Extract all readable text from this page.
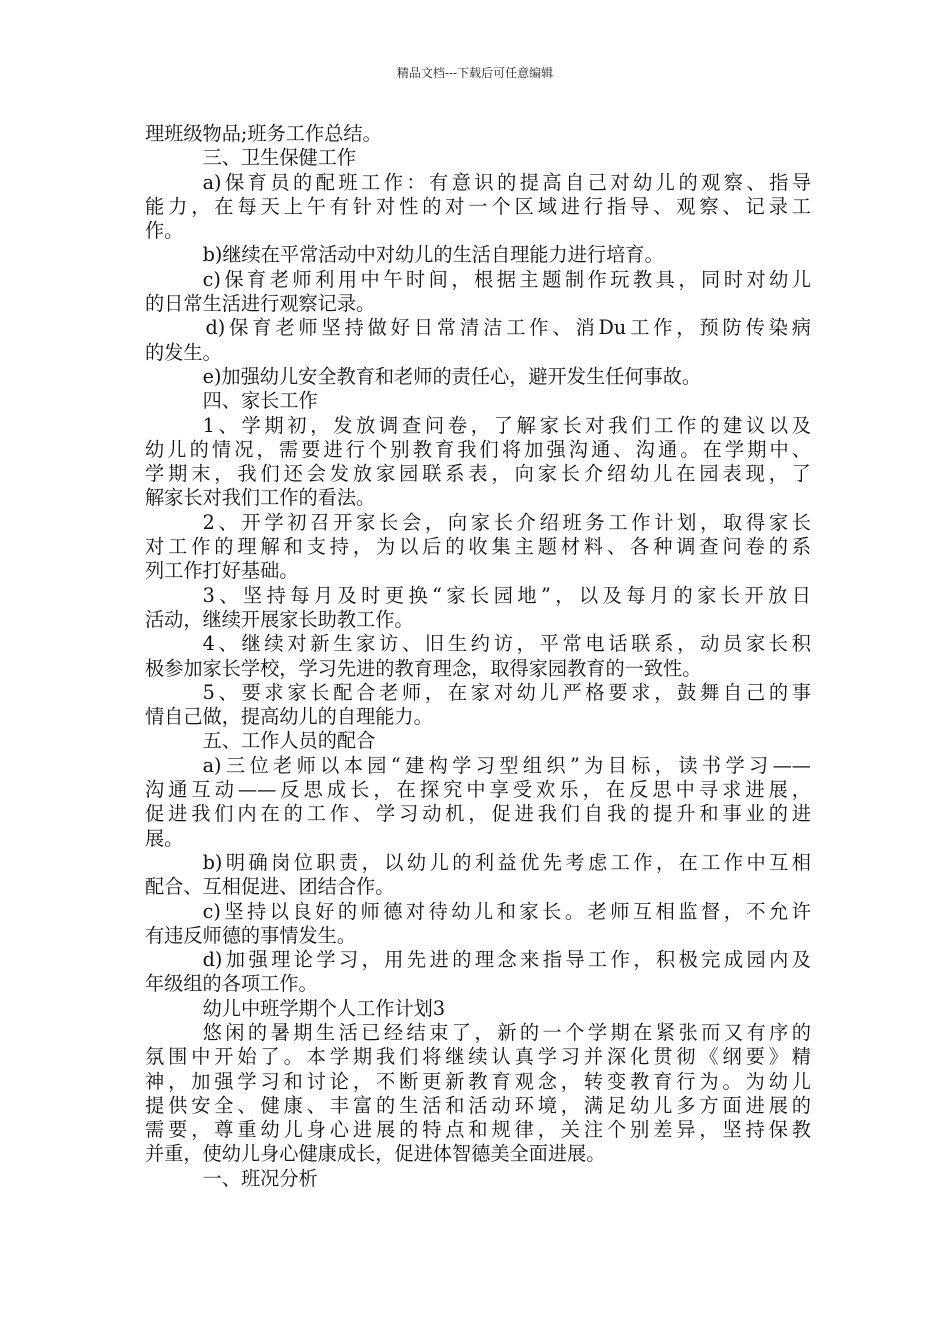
精品文档---下载后可任意编辑
理班级物品;班务工作总结。
三、卫生保健工作
a)保育员的配班工作：有意识的提高自己对幼儿的观察、指导
能力，在每天上午有针对性的对一个区域进行指导、观察、记录工
作。
b)继续在平常活动中对幼儿的生活自理能力进行培育。
c)保育老师利用中午时间，根据主题制作玩教具，同时对幼儿
的日常生活进行观察记录。
d)保育老师坚持做好日常清洁工作、消Du工作，预防传染病
的发生。
e)加强幼儿安全教育和老师的责任心，避开发生任何事故。
四、家长工作
1、学期初，发放调查问卷，了解家长对我们工作的建议以及
幼儿的情况，需要进行个别教育我们将加强沟通、沟通。在学期中、
学期末，我们还会发放家园联系表，向家长介绍幼儿在园表现，了
解家长对我们工作的看法。
2、开学初召开家长会，向家长介绍班务工作计划，取得家长
对工作的理解和支持，为以后的收集主题材料、各种调查问卷的系
列工作打好基础。
3、坚持每月及时更换“家长园地”，以及每月的家长开放日
活动，继续开展家长助教工作。
4、继续对新生家访、旧生约访，平常电话联系，动员家长积
极参加家长学校，学习先进的教育理念，取得家园教育的一致性。
5、要求家长配合老师，在家对幼儿严格要求，鼓舞自己的事
情自己做，提高幼儿的自理能力。
五、工作人员的配合
a)三位老师以本园“建构学习型组织”为目标，读书学习——
沟通互动——反思成长，在探究中享受欢乐，在反思中寻求进展，
促进我们内在的工作、学习动机，促进我们自我的提升和事业的进
展。
b)明确岗位职责，以幼儿的利益优先考虑工作，在工作中互相
配合、互相促进、团结合作。
c)坚持以良好的师德对待幼儿和家长。老师互相监督，不允许
有违反师德的事情发生。
d)加强理论学习，用先进的理念来指导工作，积极完成园内及
年级组的各项工作。
幼儿中班学期个人工作计划3
悠闲的暑期生活已经结束了，新的一个学期在紧张而又有序的
氛围中开始了。本学期我们将继续认真学习并深化贯彻《纲要》精
神，加强学习和讨论，不断更新教育观念，转变教育行为。为幼儿
提供安全、健康、丰富的生活和活动环境，满足幼儿多方面进展的
需要，尊重幼儿身心进展的特点和规律，关注个别差异，坚持保教
并重，使幼儿身心健康成长，促进体智德美全面进展。
一、班况分析
